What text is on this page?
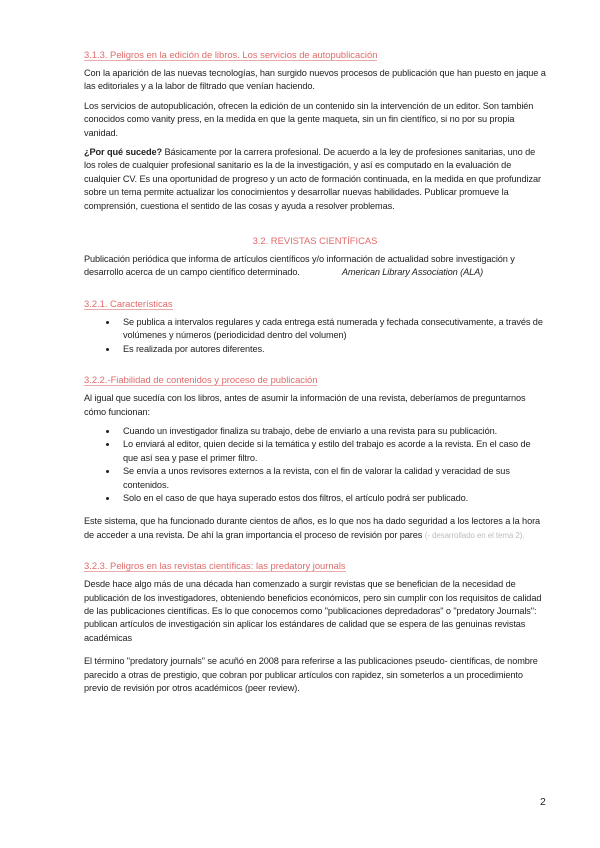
3.1.3. Peligros en la edición de libros. Los servicios de autopublicación

Con la aparición de las nuevas tecnologías, han surgido nuevos procesos de publicación que han puesto en jaque a las editoriales y a la labor de filtrado que venían haciendo.

Los servicios de autopublicación, ofrecen la edición de un contenido sin la intervención de un editor. Son también conocidos como vanity press, en la medida en que la gente maqueta, sin un fin científico, si no por su propia vanidad.

¿Por qué sucede? Básicamente por la carrera profesional. De acuerdo a la ley de profesiones sanitarias, uno de los roles de cualquier profesional sanitario es la de la investigación, y así es computado en la evaluación de cualquier CV. Es una oportunidad de progreso y un acto de formación continuada, en la medida en que profundizar sobre un tema permite actualizar los conocimientos y desarrollar nuevas habilidades. Publicar promueve la comprensión, cuestiona el sentido de las cosas y ayuda a resolver problemas.

3.2. REVISTAS CIENTÍFICAS

Publicación periódica que informa de artículos científicos y/o información de actualidad sobre investigación y desarrollo acerca de un campo científico determinado.	American Library Association (ALA)

3.2.1. Características
• Se publica a intervalos regulares y cada entrega está numerada y fechada consecutivamente, a través de volúmenes y números (periodicidad dentro del volumen)
• Es realizada por autores diferentes.
3.2.2.-Fiabilidad de contenidos y proceso de publicación

Al igual que sucedía con los libros, antes de asumir la información de una revista, deberíamos de preguntarnos cómo funcionan:

• Cuando un investigador finaliza su trabajo, debe de enviarlo a una revista para su publicación.
• Lo enviará al editor, quien decide si la temática y estilo del trabajo es acorde a la revista. En el caso de que así sea y pase el primer filtro.
• Se envía a unos revisores externos a la revista, con el fin de valorar la calidad y veracidad de sus contenidos.
• Solo en el caso de que haya superado estos dos filtros, el artículo podrá ser publicado.

Este sistema, que ha funcionado durante cientos de años, es lo que nos ha dado seguridad a los lectores a la hora de acceder a una revista. De ahí la gran importancia el proceso de revisión por pares (- desarrollado en el tema 2).

3.2.3. Peligros en las revistas científicas: las predatory journals

Desde hace algo más de una década han comenzado a surgir revistas que se benefician de la necesidad de publicación de los investigadores, obteniendo beneficios económicos, pero sin cumplir con los requisitos de calidad de las publicaciones científicas. Es lo que conocemos como "publicaciones depredadoras" o "predatory Journals": publican artículos de investigación sin aplicar los estándares de calidad que se espera de las genuinas revistas académicas

El término "predatory journals" se acuñó en 2008 para referirse a las publicaciones pseudo- científicas, de nombre parecido a otras de prestigio, que cobran por publicar artículos con rapidez, sin someterlos a un procedimiento previo de revisión por otros académicos (peer review).

2
